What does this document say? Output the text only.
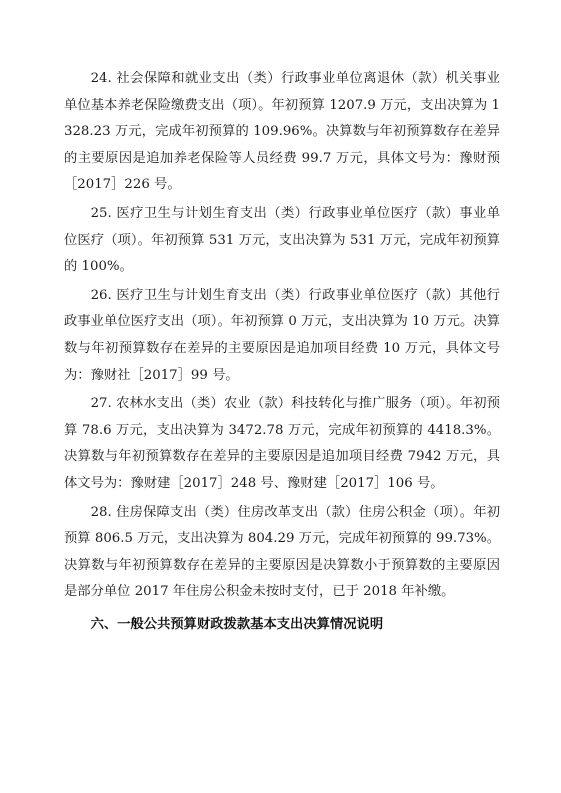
24. 社会保障和就业支出（类）行政事业单位离退休（款）机关事业单位基本养老保险缴费支出（项）。年初预算 1207.9 万元，支出决算为 1328.23 万元，完成年初预算的 109.96%。决算数与年初预算数存在差异的主要原因是追加养老保险等人员经费 99.7 万元，具体文号为：豫财预［2017］226 号。

25. 医疗卫生与计划生育支出（类）行政事业单位医疗（款）事业单位医疗（项）。年初预算 531 万元，支出决算为 531 万元，完成年初预算的 100%。

26. 医疗卫生与计划生育支出（类）行政事业单位医疗（款）其他行政事业单位医疗支出（项）。年初预算 0 万元，支出决算为 10 万元。决算数与年初预算数存在差异的主要原因是追加项目经费 10 万元，具体文号为：豫财社［2017］99 号。

27. 农林水支出（类）农业（款）科技转化与推广服务（项）。年初预算 78.6 万元，支出决算为 3472.78 万元，完成年初预算的 4418.3%。决算数与年初预算数存在差异的主要原因是追加项目经费 7942 万元，具体文号为：豫财建［2017］248 号、豫财建［2017］106 号。

28. 住房保障支出（类）住房改革支出（款）住房公积金（项）。年初预算 806.5 万元，支出决算为 804.29 万元，完成年初预算的 99.73%。决算数与年初预算数存在差异的主要原因是决算数小于预算数的主要原因是部分单位 2017 年住房公积金未按时支付，已于 2018 年补缴。

六、一般公共预算财政拨款基本支出决算情况说明
